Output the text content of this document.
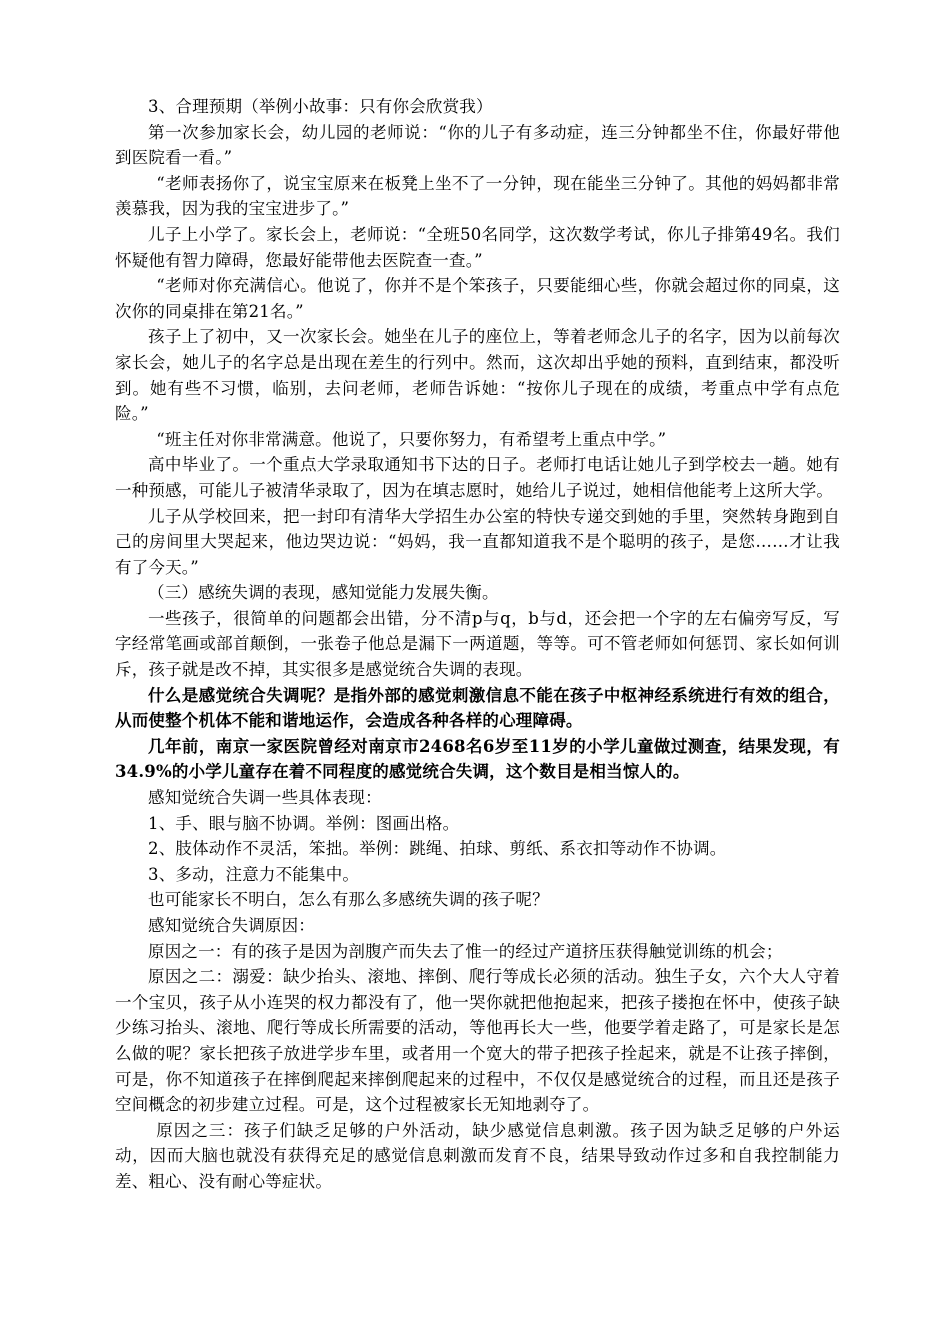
3、合理预期（举例小故事：只有你会欣赏我）

第一次参加家长会，幼儿园的老师说：“你的儿子有多动症，连三分钟都坐不住，你最好带他到医院看一看。”

“老师表扬你了，说宝宝原来在板凳上坐不了一分钟，现在能坐三分钟了。其他的妈妈都非常羡慕我，因为我的宝宝进步了。”

儿子上小学了。家长会上，老师说：“全班50名同学，这次数学考试，你儿子排第49名。我们怀疑他有智力障碍，您最好能带他去医院查一查。”

“老师对你充满信心。他说了，你并不是个笨孩子，只要能细心些，你就会超过你的同桌，这次你的同桌排在第21名。”

孩子上了初中，又一次家长会。她坐在儿子的座位上，等着老师念儿子的名字，因为以前每次家长会，她儿子的名字总是出现在差生的行列中。然而，这次却出乎她的预料，直到结束，都没听到。她有些不习惯，临别，去问老师，老师告诉她：“按你儿子现在的成绩，考重点中学有点危险。”

“班主任对你非常满意。他说了，只要你努力，有希望考上重点中学。”

高中毕业了。一个重点大学录取通知书下达的日子。老师打电话让她儿子到学校去一趟。她有一种预感，可能儿子被清华录取了，因为在填志愿时，她给儿子说过，她相信他能考上这所大学。

儿子从学校回来，把一封印有清华大学招生办公室的特快专递交到她的手里，突然转身跑到自己的房间里大哭起来，他边哭边说：“妈妈，我一直都知道我不是个聪明的孩子，是您……才让我有了今天。”

（三）感统失调的表现，感知觉能力发展失衡。

一些孩子，很简单的问题都会出错，分不清p与q，b与d，还会把一个字的左右偏旁写反，写字经常笔画或部首颠倒，一张卷子他总是漏下一两道题，等等。可不管老师如何惩罚、家长如何训斥，孩子就是改不掉，其实很多是感觉统合失调的表现。

什么是感觉统合失调呢？是指外部的感觉刺激信息不能在孩子中枢神经系统进行有效的组合，从而使整个机体不能和谐地运作，会造成各种各样的心理障碍。

几年前，南京一家医院曾经对南京市2468名6岁至11岁的小学儿童做过测查，结果发现，有34.9%的小学儿童存在着不同程度的感觉统合失调，这个数目是相当惊人的。

感知觉统合失调一些具体表现：

1、手、眼与脑不协调。举例：图画出格。

2、肢体动作不灵活，笨拙。举例：跳绳、拍球、剪纸、系衣扣等动作不协调。

3、多动，注意力不能集中。

也可能家长不明白，怎么有那么多感统失调的孩子呢？

感知觉统合失调原因：

原因之一：有的孩子是因为剖腹产而失去了惟一的经过产道挤压获得触觉训练的机会；

原因之二：溺爱：缺少抬头、滚地、摔倒、爬行等成长必须的活动。独生子女，六个大人守着一个宝贝，孩子从小连哭的权力都没有了，他一哭你就把他抱起来，把孩子搂抱在怀中，使孩子缺少练习抬头、滚地、爬行等成长所需要的活动，等他再长大一些，他要学着走路了，可是家长是怎么做的呢？家长把孩子放进学步车里，或者用一个宽大的带子把孩子拴起来，就是不让孩子摔倒，可是，你不知道孩子在摔倒爬起来摔倒爬起来的过程中，不仅仅是感觉统合的过程，而且还是孩子空间概念的初步建立过程。可是，这个过程被家长无知地剥夺了。

原因之三：孩子们缺乏足够的户外活动，缺少感觉信息刺激。孩子因为缺乏足够的户外运动，因而大脑也就没有获得充足的感觉信息刺激而发育不良，结果导致动作过多和自我控制能力差、粗心、没有耐心等症状。
